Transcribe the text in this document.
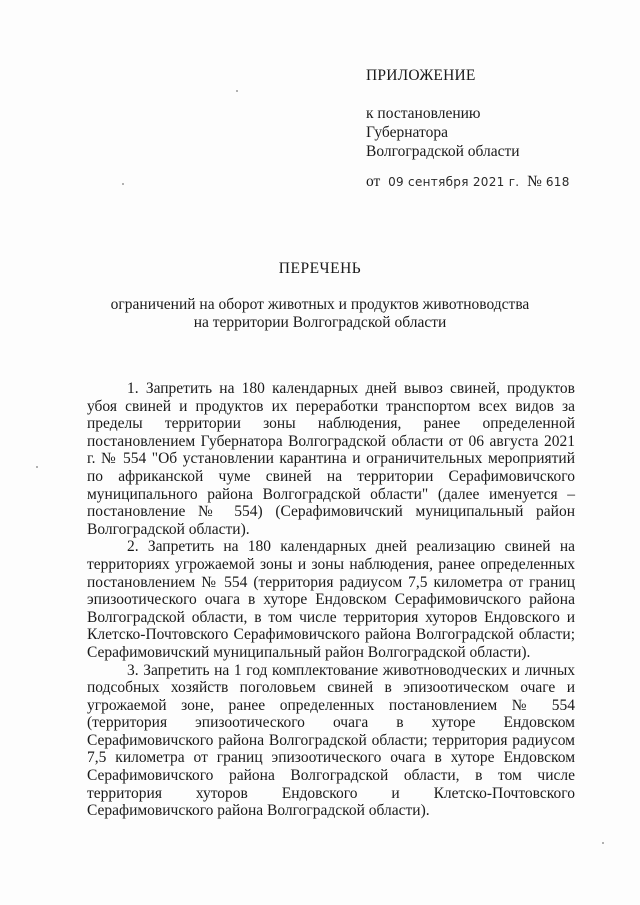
ПРИЛОЖЕНИЕ
к постановлению
Губернатора
Волгоградской области
от 09 сентября 2021 г. № 618
ПЕРЕЧЕНЬ
ограничений на оборот животных и продуктов животноводства
на территории Волгоградской области

1. Запретить на 180 календарных дней вывоз свиней, продуктов убоя свиней и продуктов их переработки транспортом всех видов за пределы территории зоны наблюдения, ранее определенной постановлением Губернатора Волгоградской области от 06 августа 2021 г. № 554 "Об установлении карантина и ограничительных мероприятий по африканской чуме свиней на территории Серафимовичского муниципального района Волгоградской области" (далее именуется – постановление № 554) (Серафимовичский муниципальный район Волгоградской области).

2. Запретить на 180 календарных дней реализацию свиней на территориях угрожаемой зоны и зоны наблюдения, ранее определенных постановлением № 554 (территория радиусом 7,5 километра от границ эпизоотического очага в хуторе Ендовском Серафимовичского района Волгоградской области, в том числе территория хуторов Ендовского и Клетско-Почтовского Серафимовичского района Волгоградской области; Серафимовичский муниципальный район Волгоградской области).

3. Запретить на 1 год комплектование животноводческих и личных подсобных хозяйств поголовьем свиней в эпизоотическом очаге и угрожаемой зоне, ранее определенных постановлением № 554 (территория эпизоотического очага в хуторе Ендовском Серафимовичского района Волгоградской области; территория радиусом 7,5 километра от границ эпизоотического очага в хуторе Ендовском Серафимовичского района Волгоградской области, в том числе территория хуторов Ендовского и Клетско-Почтовского Серафимовичского района Волгоградской области).
